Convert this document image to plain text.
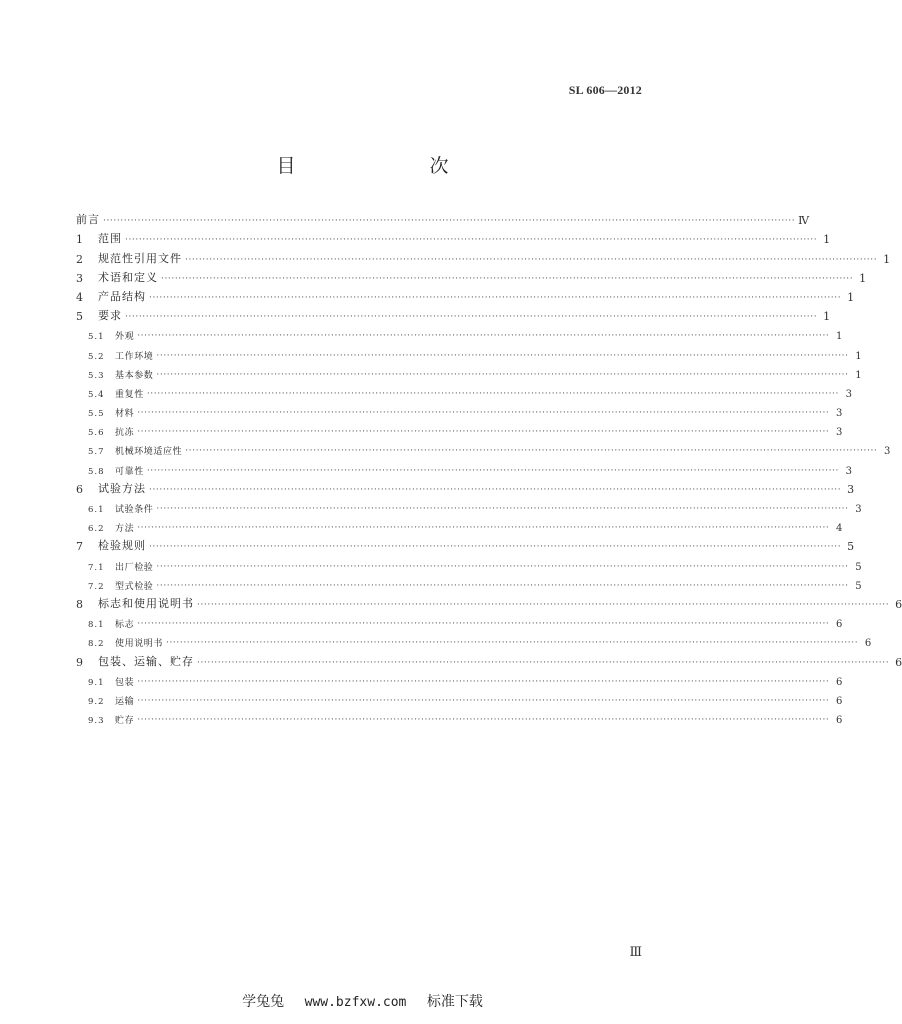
SL 606—2012
目　　次
前言 ········································································································································································································ Ⅳ
1	范围 ········································································································································································································ 1
2	规范性引用文件 ········································································································································································································ 1
3	术语和定义 ········································································································································································································ 1
4	产品结构 ········································································································································································································ 1
5	要求 ········································································································································································································ 1
5.1	外观 ········································································································································································································ 1
5.2	工作环境 ········································································································································································································ 1
5.3	基本参数 ········································································································································································································ 1
5.4	重复性 ········································································································································································································ 3
5.5	材料 ········································································································································································································ 3
5.6	抗冻 ········································································································································································································ 3
5.7	机械环境适应性 ········································································································································································································ 3
5.8	可靠性 ········································································································································································································ 3
6	试验方法 ········································································································································································································ 3
6.1	试验条件 ········································································································································································································ 3
6.2	方法 ········································································································································································································ 4
7	检验规则 ········································································································································································································ 5
7.1	出厂检验 ········································································································································································································ 5
7.2	型式检验 ········································································································································································································ 5
8	标志和使用说明书 ········································································································································································································ 6
8.1	标志 ········································································································································································································ 6
8.2	使用说明书 ········································································································································································································ 6
9	包装、运输、贮存 ········································································································································································································ 6
9.1	包装 ········································································································································································································ 6
9.2	运输 ········································································································································································································ 6
9.3	贮存 ········································································································································································································ 6
Ⅲ
学兔兔 www.bzfxw.com 标准下载
